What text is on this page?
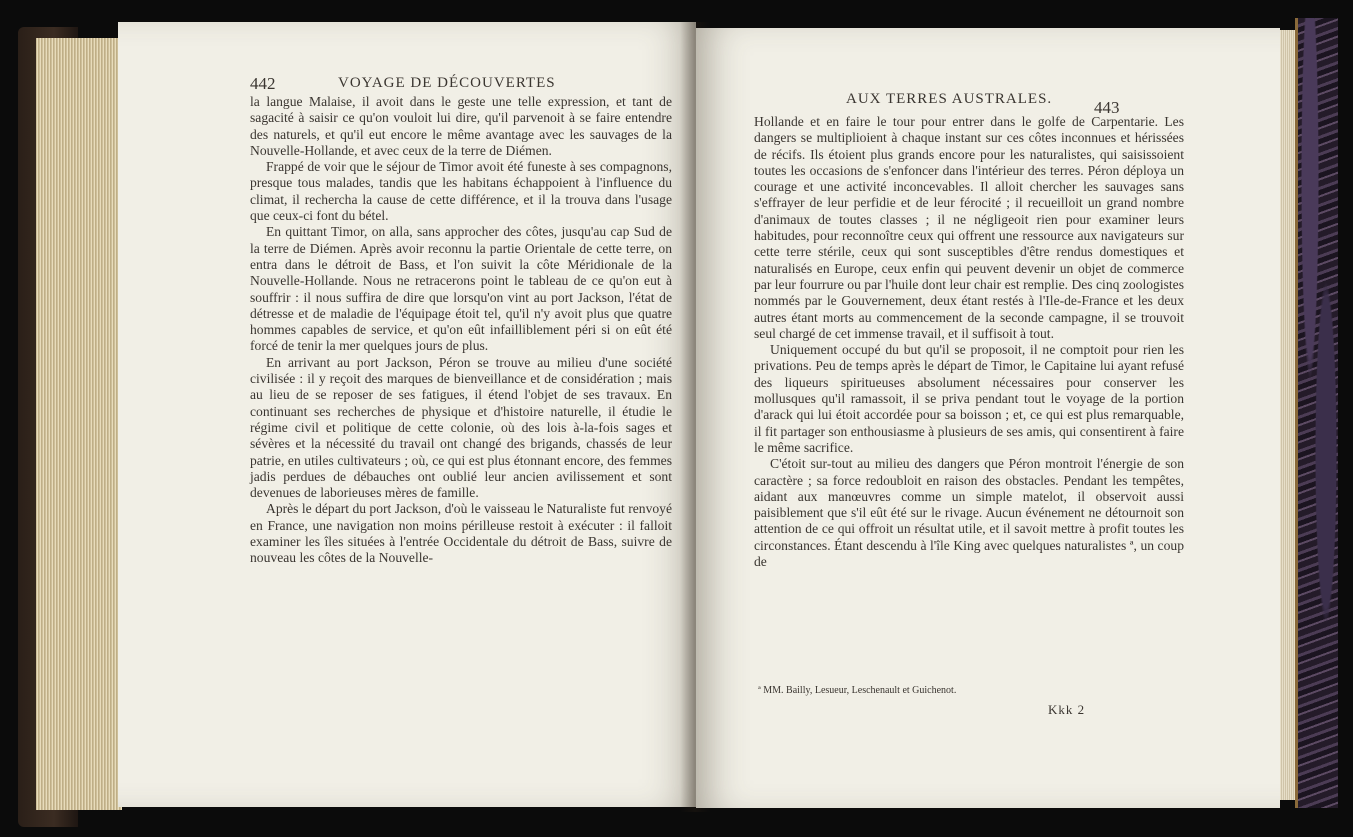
442	VOYAGE DE DÉCOUVERTES

la langue Malaise, il avoit dans le geste une telle expression, et tant de sagacité à saisir ce qu'on vouloit lui dire, qu'il parvenoit à se faire entendre des naturels, et qu'il eut encore le même avantage avec les sauvages de la Nouvelle-Hollande, et avec ceux de la terre de Diémen.

Frappé de voir que le séjour de Timor avoit été funeste à ses compagnons, presque tous malades, tandis que les habitans échappoient à l'influence du climat, il rechercha la cause de cette différence, et il la trouva dans l'usage que ceux-ci font du bétel.

En quittant Timor, on alla, sans approcher des côtes, jusqu'au cap Sud de la terre de Diémen. Après avoir reconnu la partie Orientale de cette terre, on entra dans le détroit de Bass, et l'on suivit la côte Méridionale de la Nouvelle-Hollande. Nous ne retracerons point le tableau de ce qu'on eut à souffrir : il nous suffira de dire que lorsqu'on vint au port Jackson, l'état de détresse et de maladie de l'équipage étoit tel, qu'il n'y avoit plus que quatre hommes capables de service, et qu'on eût infailliblement péri si on eût été forcé de tenir la mer quelques jours de plus.

En arrivant au port Jackson, Péron se trouve au milieu d'une société civilisée : il y reçoit des marques de bienveillance et de considération ; mais au lieu de se reposer de ses fatigues, il étend l'objet de ses travaux. En continuant ses recherches de physique et d'histoire naturelle, il étudie le régime civil et politique de cette colonie, où des lois à-la-fois sages et sévères et la nécessité du travail ont changé des brigands, chassés de leur patrie, en utiles cultivateurs ; où, ce qui est plus étonnant encore, des femmes jadis perdues de débauches ont oublié leur ancien avilissement et sont devenues de laborieuses mères de famille.

Après le départ du port Jackson, d'où le vaisseau le Naturaliste fut renvoyé en France, une navigation non moins périlleuse restoit à exécuter : il falloit examiner les îles situées à l'entrée Occidentale du détroit de Bass, suivre de nouveau les côtes de la Nouvelle-

AUX TERRES AUSTRALES. 443

Hollande et en faire le tour pour entrer dans le golfe de Carpentarie. Les dangers se multiplioient à chaque instant sur ces côtes inconnues et hérissées de récifs. Ils étoient plus grands encore pour les naturalistes, qui saisissoient toutes les occasions de s'enfoncer dans l'intérieur des terres. Péron déploya un courage et une activité inconcevables. Il alloit chercher les sauvages sans s'effrayer de leur perfidie et de leur férocité ; il recueilloit un grand nombre d'animaux de toutes classes ; il ne négligeoit rien pour examiner leurs habitudes, pour reconnoître ceux qui offrent une ressource aux navigateurs sur cette terre stérile, ceux qui sont susceptibles d'être rendus domestiques et naturalisés en Europe, ceux enfin qui peuvent devenir un objet de commerce par leur fourrure ou par l'huile dont leur chair est remplie. Des cinq zoologistes nommés par le Gouvernement, deux étant restés à l'Ile-de-France et les deux autres étant morts au commencement de la seconde campagne, il se trouvoit seul chargé de cet immense travail, et il suffisoit à tout.

Uniquement occupé du but qu'il se proposoit, il ne comptoit pour rien les privations. Peu de temps après le départ de Timor, le Capitaine lui ayant refusé des liqueurs spiritueuses absolument nécessaires pour conserver les mollusques qu'il ramassoit, il se priva pendant tout le voyage de la portion d'arack qui lui étoit accordée pour sa boisson ; et, ce qui est plus remarquable, il fit partager son enthousiasme à plusieurs de ses amis, qui consentirent à faire le même sacrifice.

C'étoit sur-tout au milieu des dangers que Péron montroit l'énergie de son caractère ; sa force redoubloit en raison des obstacles. Pendant les tempêtes, aidant aux manœuvres comme un simple matelot, il observoit aussi paisiblement que s'il eût été sur le rivage. Aucun événement ne détournoit son attention de ce qui offroit un résultat utile, et il savoit mettre à profit toutes les circonstances. Étant descendu à l'île King avec quelques naturalistes ª, un coup de

ª MM. Bailly, Lesueur, Leschenault et Guichenot.
Kkk 2
